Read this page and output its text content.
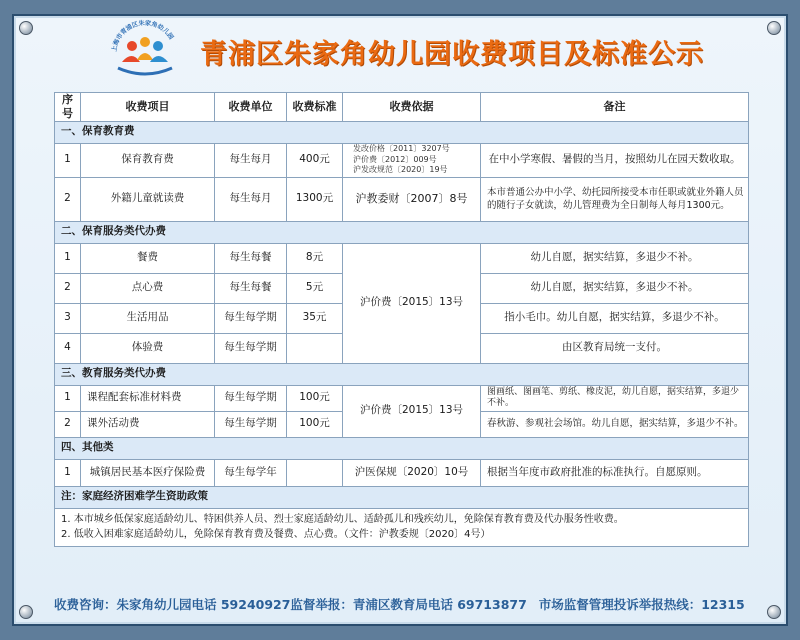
上海市青浦区朱家角幼儿园
青浦区朱家角幼儿园收费项目及标准公示
序号	收费项目	收费单位	收费标准	收费依据	备注
一、保育教育费					
1	保育教育费	每生每月	400元	发改价格〔2011〕3207号
沪价费〔2012〕009号
沪发改规范〔2020〕19号	在中小学寒假、暑假的当月，按照幼儿在园天数收取。
2	外籍儿童就读费	每生每月	1300元	沪教委财〔2007〕8号	本市普通公办中小学、幼托园所接受本市任职或就业外籍人员的随行子女就读，幼儿管理费为全日制每人每月1300元。
二、保育服务类代办费					
1	餐费	每生每餐	8元	沪价费〔2015〕13号	幼儿自愿，据实结算，多退少不补。
2	点心费	每生每餐	5元		幼儿自愿，据实结算，多退少不补。
3	生活用品	每生每学期	35元		指小毛巾。幼儿自愿，据实结算，多退少不补。
4	体验费	每生每学期			由区教育局统一支付。
三、教育服务类代办费					
1	课程配套标准材料费	每生每学期	100元	沪价费〔2015〕13号	图画纸、图画笔、剪纸、橡皮泥，幼儿自愿，据实结算，多退少不补。
2	课外活动费	每生每学期	100元		春秋游、参观社会场馆。幼儿自愿，据实结算，多退少不补。
四、其他类					
1	城镇居民基本医疗保险费	每生每学年		沪医保规〔2020〕10号	根据当年度市政府批准的标准执行。自愿原则。
注：家庭经济困难学生资助政策					

1. 本市城乡低保家庭适龄幼儿、特困供养人员、烈士家庭适龄幼儿、适龄孤儿和残疾幼儿，免除保育教育费及代办服务性收费。
2. 低收入困难家庭适龄幼儿，免除保育教育费及餐费、点心费。（文件：沪教委规〔2020〕4号）					
收费咨询：朱家角幼儿园电话 59240927 监督举报：青浦区教育局电话 69713877 市场监督管理投诉举报热线：12315
